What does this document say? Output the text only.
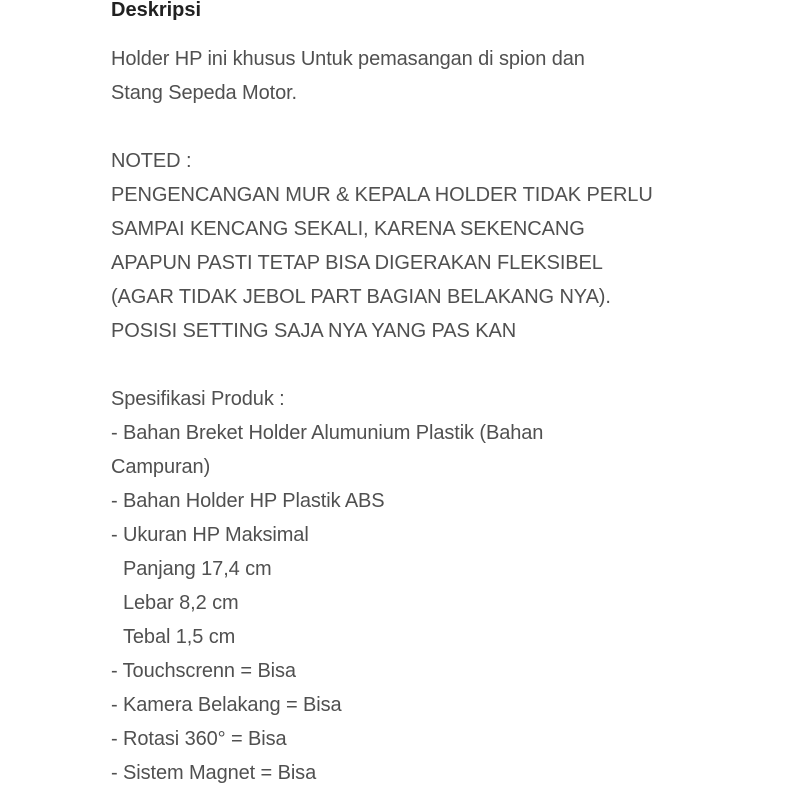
Deskripsi
Holder HP ini khusus Untuk pemasangan di spion dan
Stang Sepeda Motor.
NOTED :
PENGENCANGAN MUR & KEPALA HOLDER TIDAK PERLU
SAMPAI KENCANG SEKALI, KARENA SEKENCANG
APAPUN PASTI TETAP BISA DIGERAKAN FLEKSIBEL
(AGAR TIDAK JEBOL PART BAGIAN BELAKANG NYA).
POSISI SETTING SAJA NYA YANG PAS KAN
Spesifikasi Produk :
- Bahan Breket Holder Alumunium Plastik (Bahan
Campuran)
- Bahan Holder HP Plastik ABS
- Ukuran HP Maksimal
Panjang 17,4 cm
Lebar 8,2 cm
Tebal 1,5 cm
- Touchscrenn = Bisa
- Kamera Belakang = Bisa
- Rotasi 360° = Bisa
- Sistem Magnet = Bisa
